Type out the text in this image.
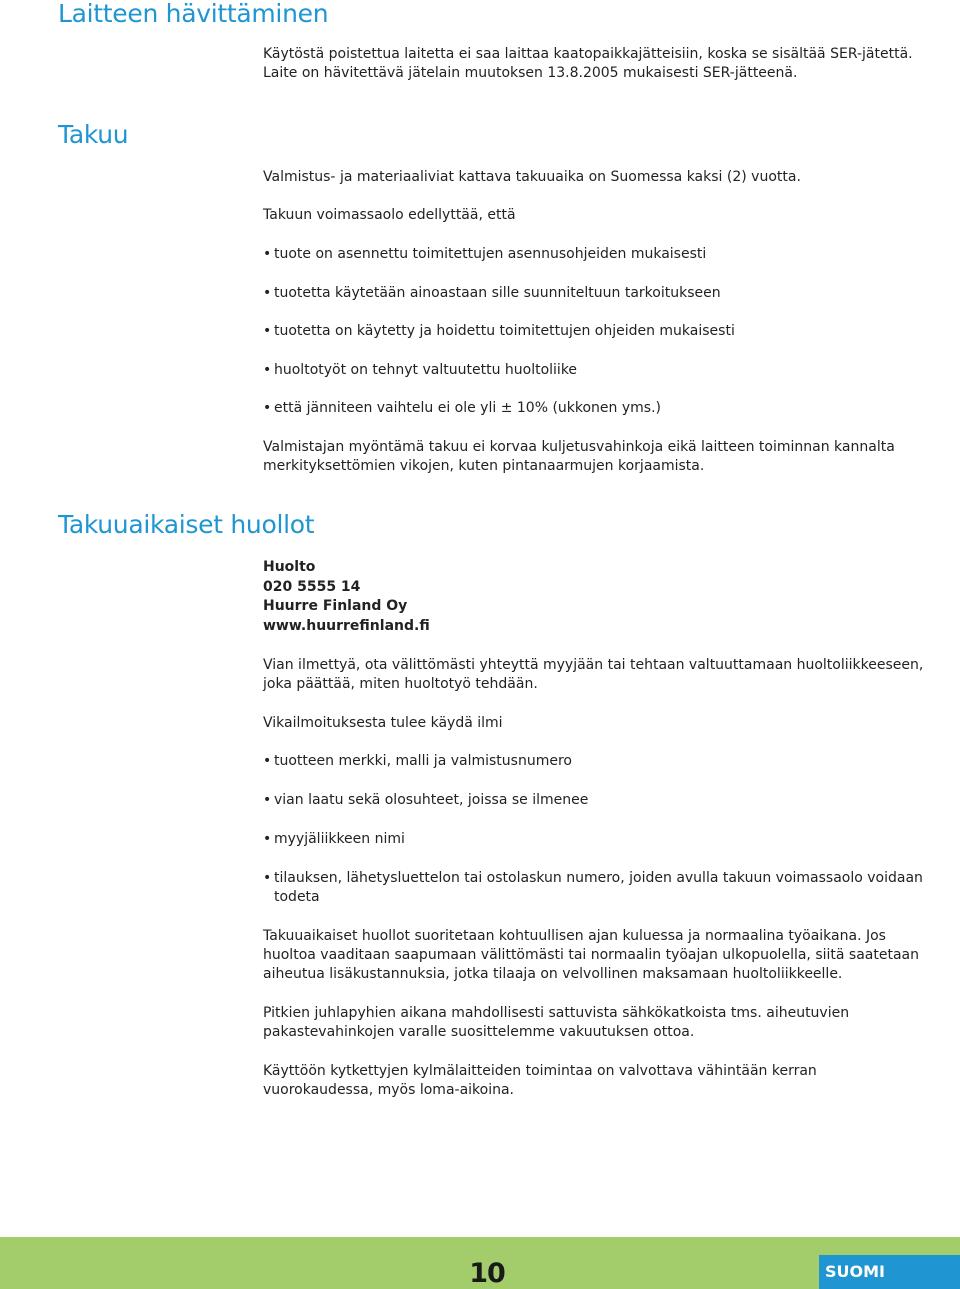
Laitteen hävittäminen

Käytöstä poistettua laitetta ei saa laittaa kaatopaikkajätteisiin, koska se sisältää SER-jätettä.

Laite on hävitettävä jätelain muutoksen 13.8.2005 mukaisesti SER-jätteenä.

Takuu

Valmistus- ja materiaaliviat kattava takuuaika on Suomessa kaksi (2) vuotta.

Takuun voimassaolo edellyttää, että

• tuote on asennettu toimitettujen asennusohjeiden mukaisesti
• tuotetta käytetään ainoastaan sille suunniteltuun tarkoitukseen
• tuotetta on käytetty ja hoidettu toimitettujen ohjeiden mukaisesti
• huoltotyöt on tehnyt valtuutettu huoltoliike
• että jänniteen vaihtelu ei ole yli ± 10% (ukkonen yms.)

Valmistajan myöntämä takuu ei korvaa kuljetusvahinkoja eikä laitteen toiminnan kannalta

merkityksettömien vikojen, kuten pintanaarmujen korjaamista.

Takuuaikaiset huollot
Huolto
020 5555 14
Huurre Finland Oy
www.huurrefinland.fi

Vian ilmettyä, ota välittömästi yhteyttä myyjään tai tehtaan valtuuttamaan huoltoliikkeeseen,

joka päättää, miten huoltotyö tehdään.

Vikailmoituksesta tulee käydä ilmi

• tuotteen merkki, malli ja valmistusnumero
• vian laatu sekä olosuhteet, joissa se ilmenee
• myyjäliikkeen nimi
• tilauksen, lähetysluettelon tai ostolaskun numero, joiden avulla takuun voimassaolo voidaan
todeta

Takuuaikaiset huollot suoritetaan kohtuullisen ajan kuluessa ja normaalina työaikana. Jos

huoltoa vaaditaan saapumaan välittömästi tai normaalin työajan ulkopuolella, siitä saatetaan

aiheutua lisäkustannuksia, jotka tilaaja on velvollinen maksamaan huoltoliikkeelle.

Pitkien juhlapyhien aikana mahdollisesti sattuvista sähkökatkoista tms. aiheutuvien

pakastevahinkojen varalle suosittelemme vakuutuksen ottoa.

Käyttöön kytkettyjen kylmälaitteiden toimintaa on valvottava vähintään kerran

vuorokaudessa, myös loma-aikoina.

10	SUOMI
